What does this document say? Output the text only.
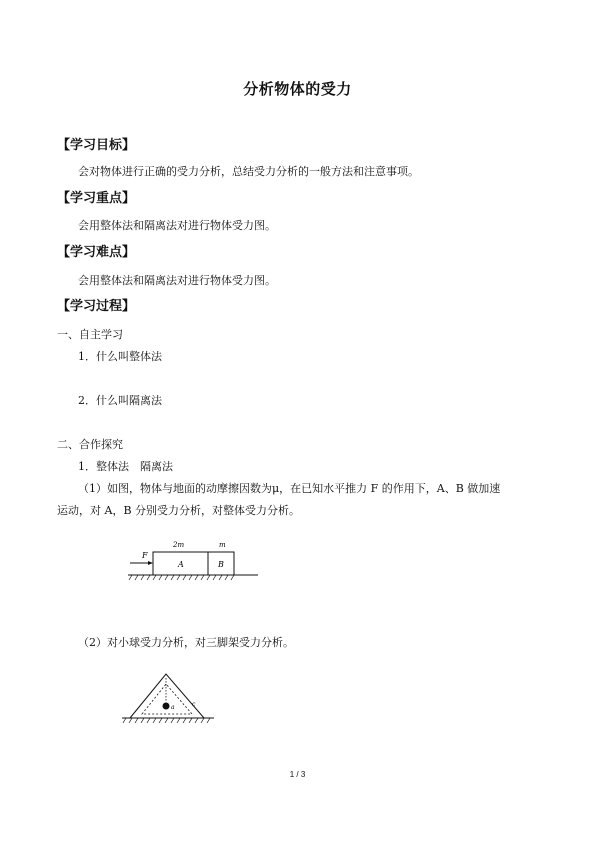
分析物体的受力
【学习目标】
会对物体进行正确的受力分析，总结受力分析的一般方法和注意事项。
【学习重点】
会用整体法和隔离法对进行物体受力图。
【学习难点】
会用整体法和隔离法对进行物体受力图。
【学习过程】
一、自主学习
1．什么叫整体法
2．什么叫隔离法
二、合作探究
1．整体法　隔离法
（1）如图，物体与地面的动摩擦因数为μ，在已知水平推力 F 的作用下，A、B 做加速
运动，对 A，B 分别受力分析，对整体受力分析。
F
A	B
2m	m
（2）对小球受力分析，对三脚架受力分析。
a	c
1 / 3
